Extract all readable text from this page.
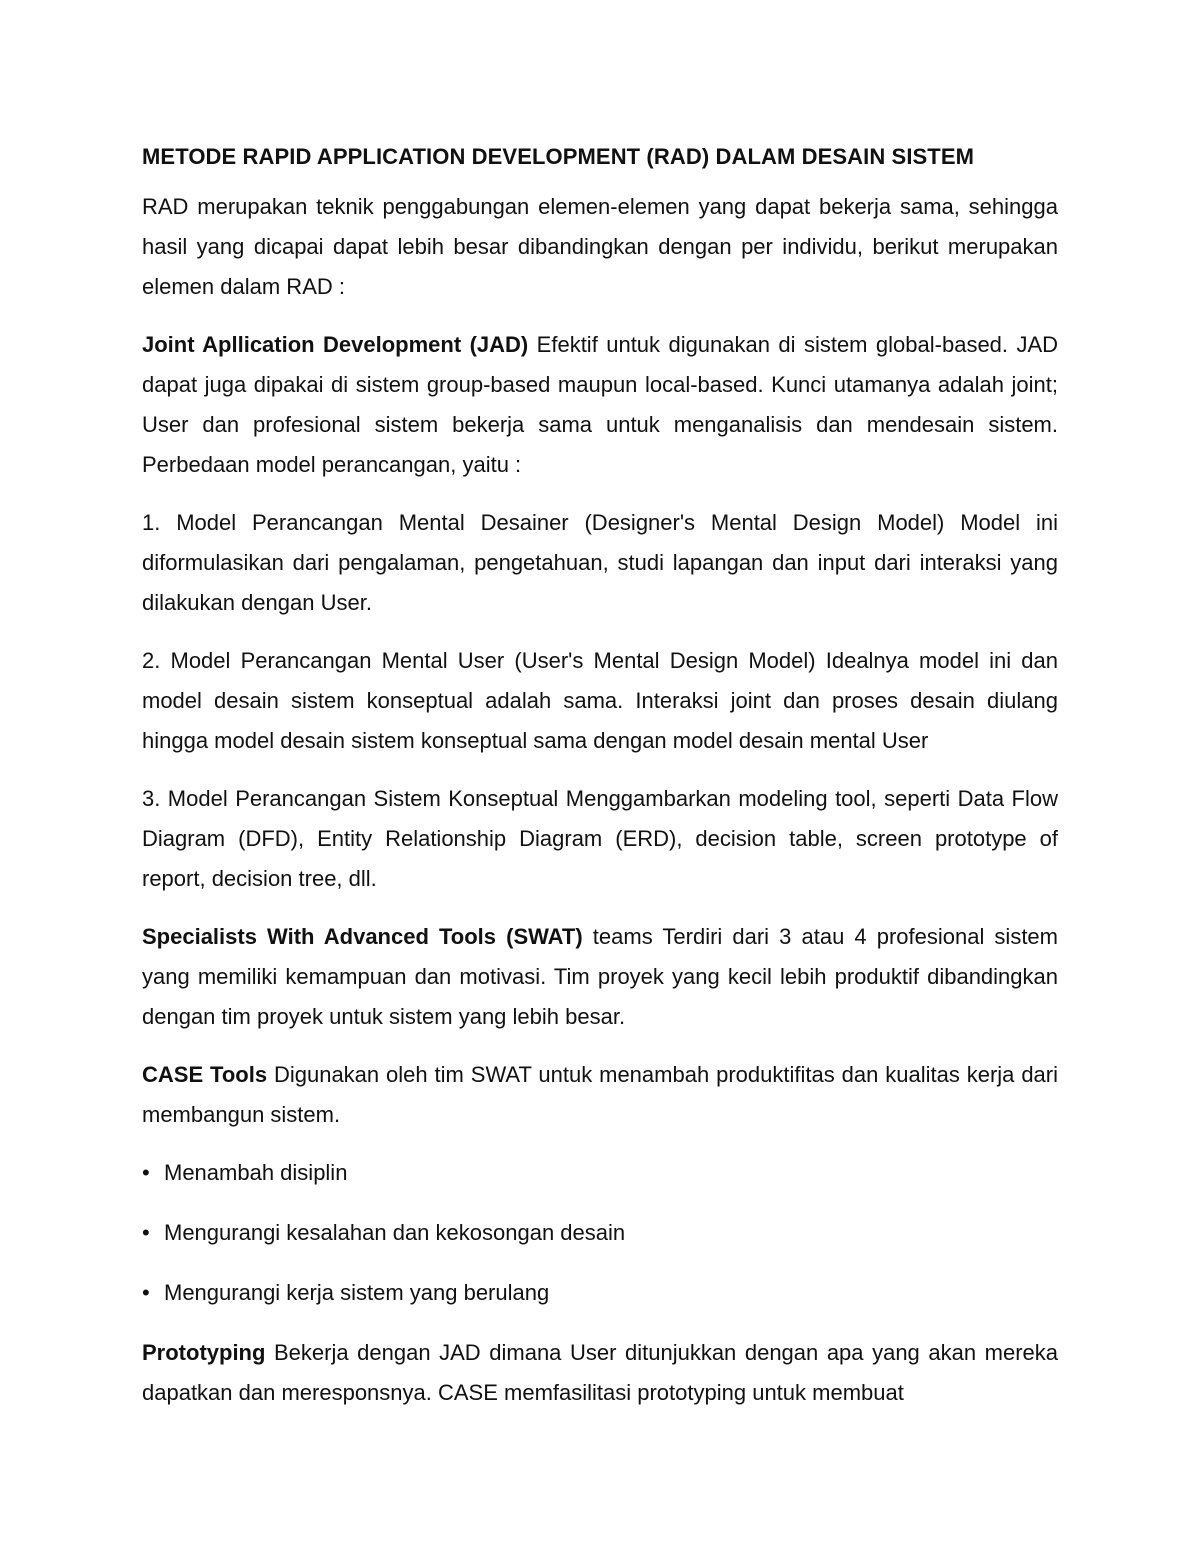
METODE RAPID APPLICATION DEVELOPMENT (RAD) DALAM DESAIN SISTEM

RAD merupakan teknik penggabungan elemen-elemen yang dapat bekerja sama, sehingga hasil yang dicapai dapat lebih besar dibandingkan dengan per individu, berikut merupakan elemen dalam RAD :

Joint Apllication Development (JAD) Efektif untuk digunakan di sistem global-based. JAD dapat juga dipakai di sistem group-based maupun local-based. Kunci utamanya adalah joint; User dan profesional sistem bekerja sama untuk menganalisis dan mendesain sistem. Perbedaan model perancangan, yaitu :

1. Model Perancangan Mental Desainer (Designer's Mental Design Model) Model ini diformulasikan dari pengalaman, pengetahuan, studi lapangan dan input dari interaksi yang dilakukan dengan User.

2. Model Perancangan Mental User (User's Mental Design Model) Idealnya model ini dan model desain sistem konseptual adalah sama. Interaksi joint dan proses desain diulang hingga model desain sistem konseptual sama dengan model desain mental User

3. Model Perancangan Sistem Konseptual Menggambarkan modeling tool, seperti Data Flow Diagram (DFD), Entity Relationship Diagram (ERD), decision table, screen prototype of report, decision tree, dll.

Specialists With Advanced Tools (SWAT) teams Terdiri dari 3 atau 4 profesional sistem yang memiliki kemampuan dan motivasi. Tim proyek yang kecil lebih produktif dibandingkan dengan tim proyek untuk sistem yang lebih besar.

CASE Tools Digunakan oleh tim SWAT untuk menambah produktifitas dan kualitas kerja dari membangun sistem.

• Menambah disiplin
• Mengurangi kesalahan dan kekosongan desain
• Mengurangi kerja sistem yang berulang

Prototyping Bekerja dengan JAD dimana User ditunjukkan dengan apa yang akan mereka dapatkan dan meresponsnya. CASE memfasilitasi prototyping untuk membuat
